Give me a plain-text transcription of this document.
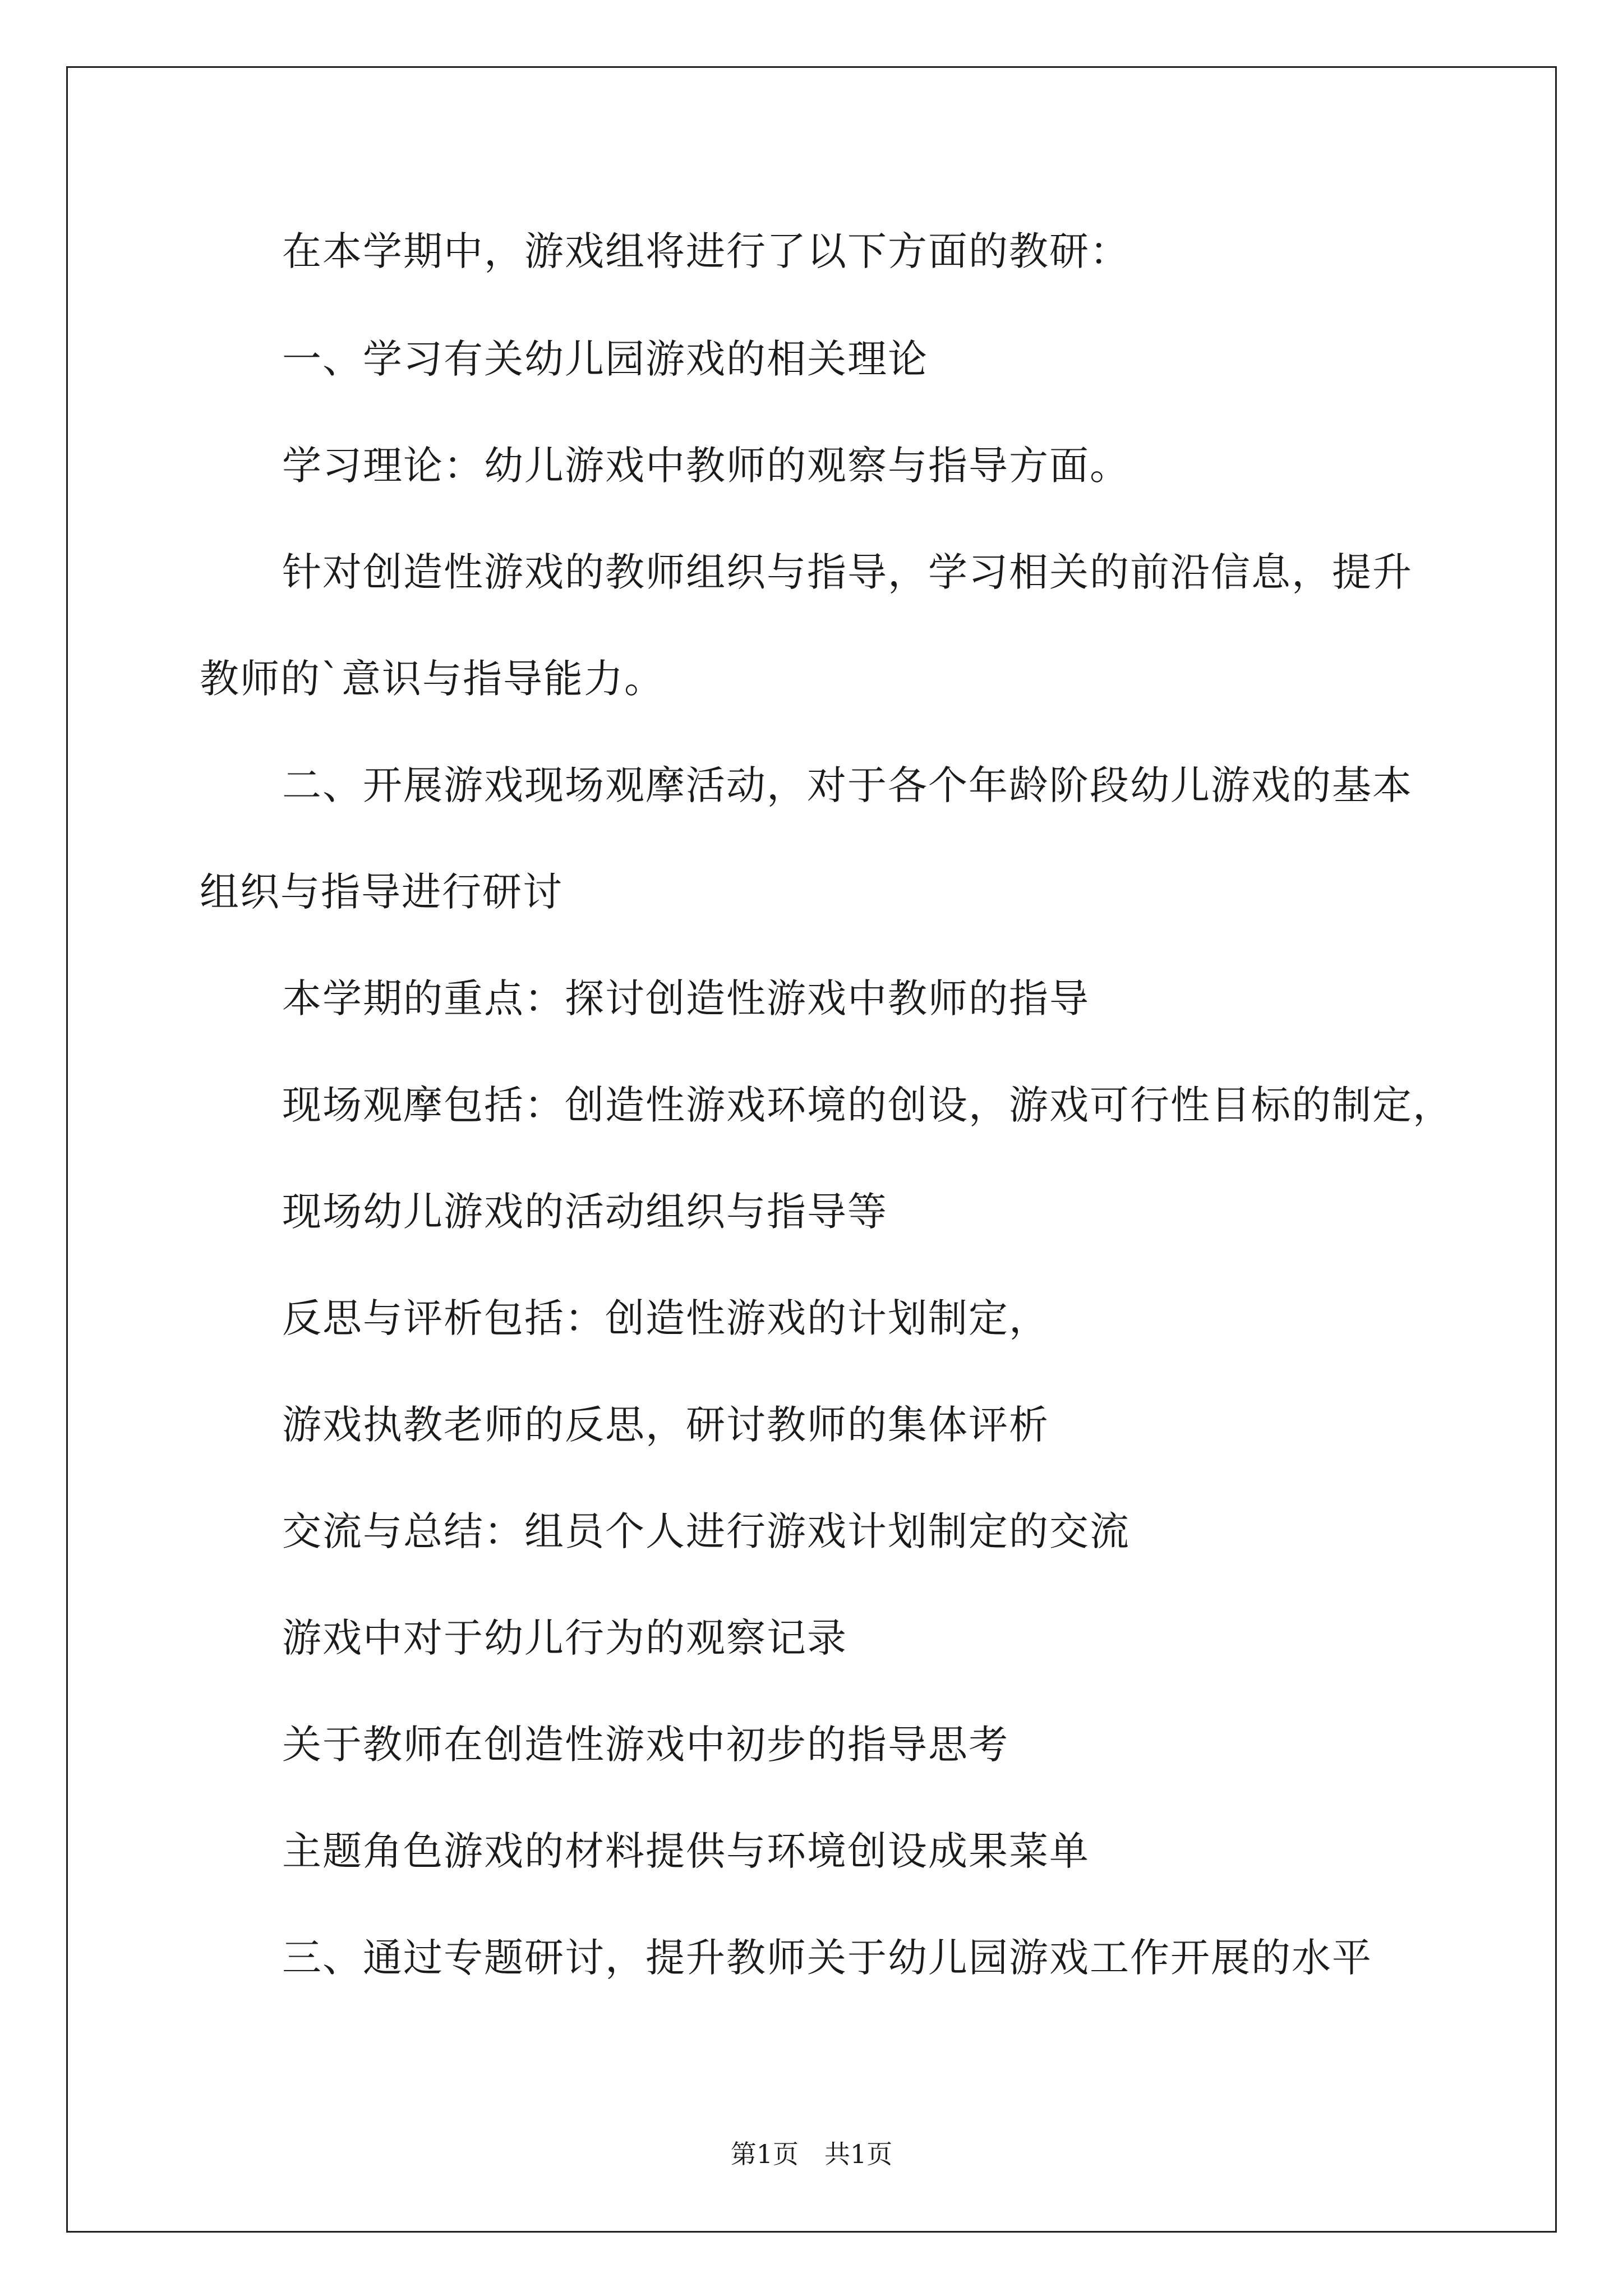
在本学期中，游戏组将进行了以下方面的教研：
一、学习有关幼儿园游戏的相关理论
学习理论：幼儿游戏中教师的观察与指导方面。
针对创造性游戏的教师组织与指导，学习相关的前沿信息，提升
教师的`意识与指导能力。
二、开展游戏现场观摩活动，对于各个年龄阶段幼儿游戏的基本
组织与指导进行研讨
本学期的重点：探讨创造性游戏中教师的指导
现场观摩包括：创造性游戏环境的创设，游戏可行性目标的制定，
现场幼儿游戏的活动组织与指导等
反思与评析包括：创造性游戏的计划制定，
游戏执教老师的反思，研讨教师的集体评析
交流与总结：组员个人进行游戏计划制定的交流
游戏中对于幼儿行为的观察记录
关于教师在创造性游戏中初步的指导思考
主题角色游戏的材料提供与环境创设成果菜单
三、通过专题研讨，提升教师关于幼儿园游戏工作开展的水平
第1页　共1页
